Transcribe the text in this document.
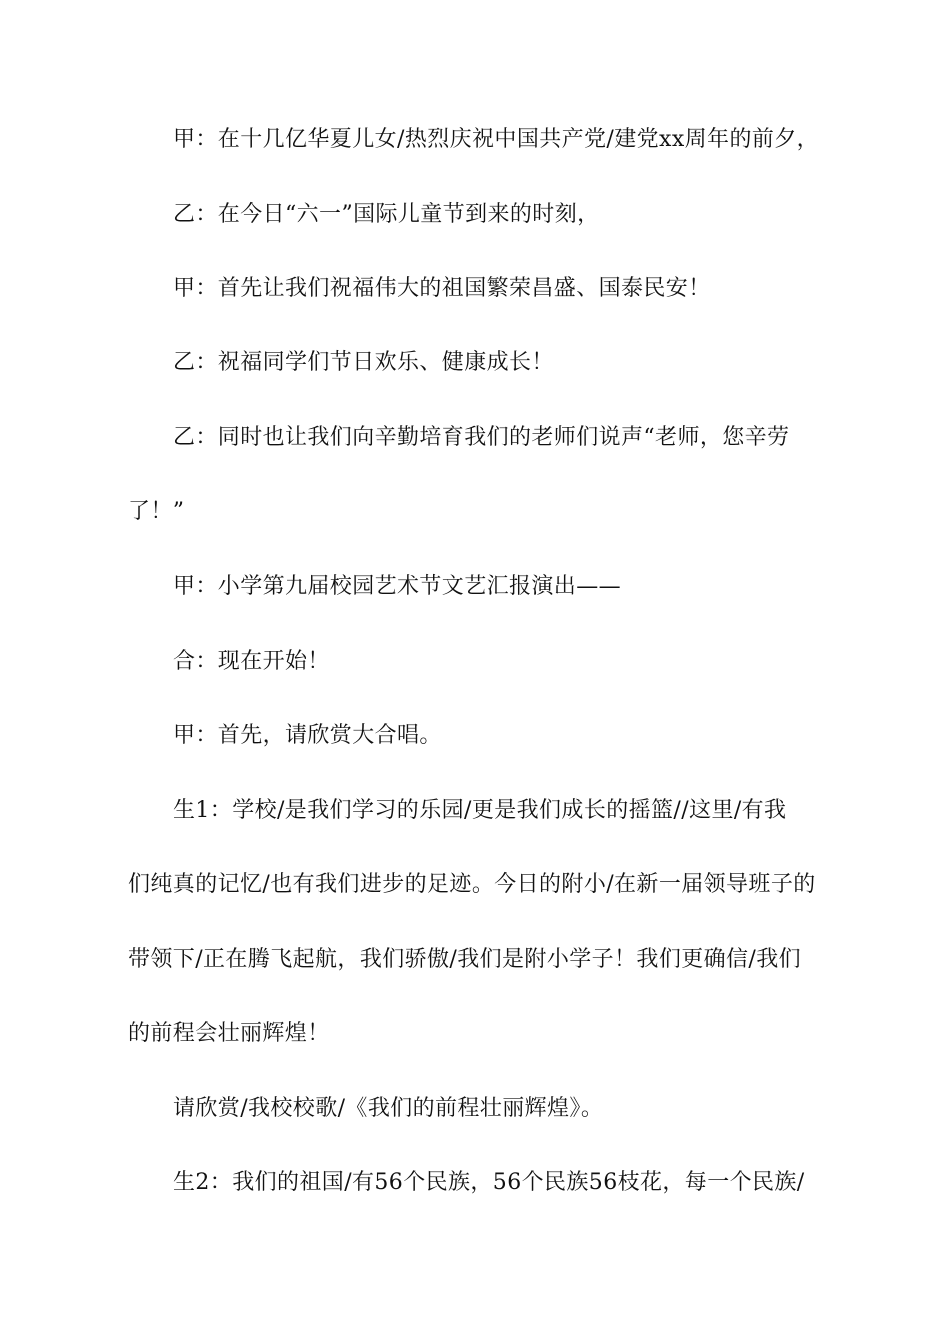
甲：在十几亿华夏儿女/热烈庆祝中国共产党/建党xx周年的前夕，
乙：在今日“六一”国际儿童节到来的时刻，
甲：首先让我们祝福伟大的祖国繁荣昌盛、国泰民安！
乙：祝福同学们节日欢乐、健康成长！
乙：同时也让我们向辛勤培育我们的老师们说声“老师，您辛劳
了！”
甲：小学第九届校园艺术节文艺汇报演出——
合：现在开始！
甲：首先，请欣赏大合唱。
生1：学校/是我们学习的乐园/更是我们成长的摇篮//这里/有我
们纯真的记忆/也有我们进步的足迹。今日的附小/在新一届领导班子的
带领下/正在腾飞起航，我们骄傲/我们是附小学子！我们更确信/我们
的前程会壮丽辉煌！
请欣赏/我校校歌/《我们的前程壮丽辉煌》。
生2：我们的祖国/有56个民族，56个民族56枝花，每一个民族/
